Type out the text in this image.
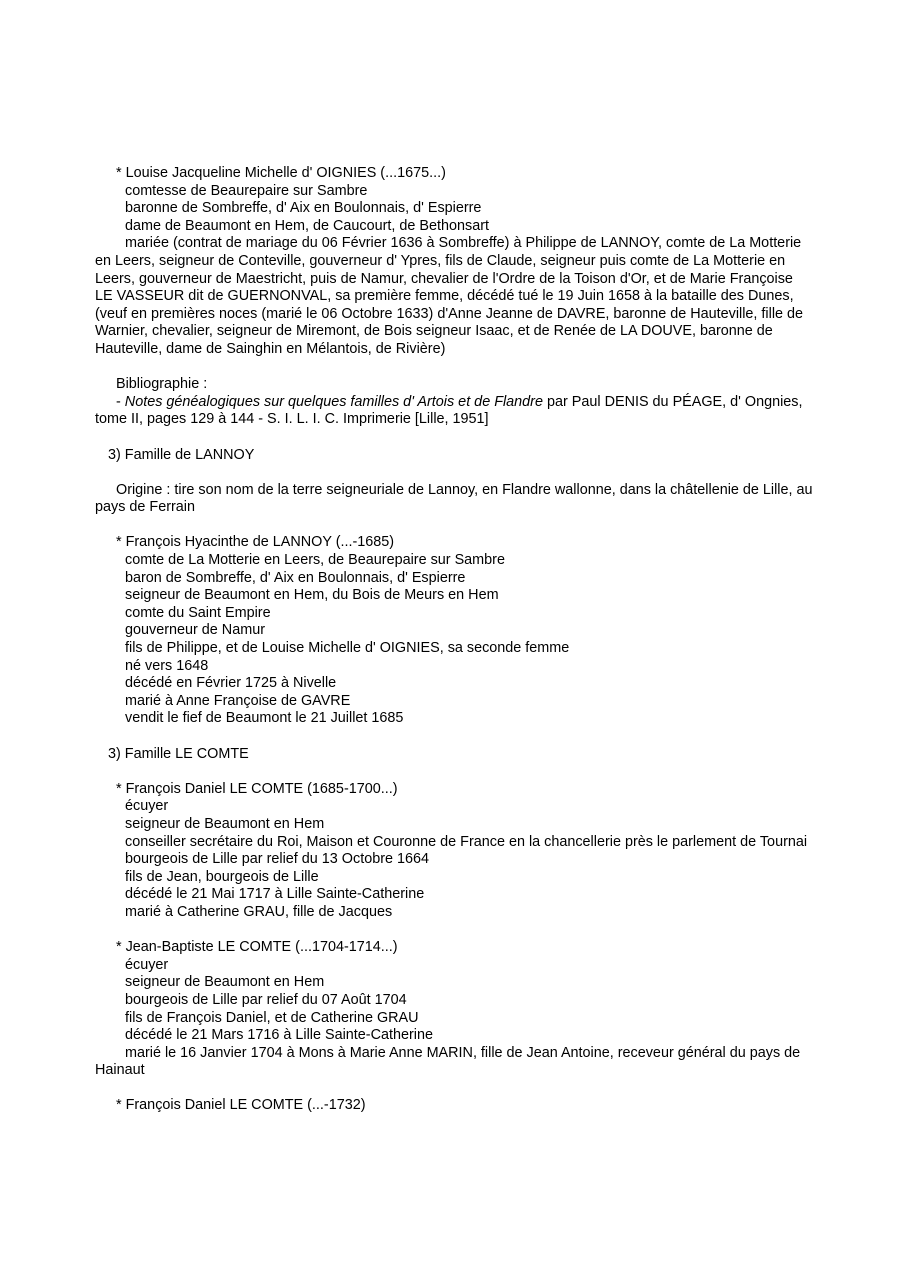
* Louise Jacqueline Michelle d' OIGNIES (...1675...)
comtesse de Beaurepaire sur Sambre
baronne de Sombreffe, d' Aix en Boulonnais, d' Espierre
dame de Beaumont en Hem, de Caucourt, de Bethonsart
mariée (contrat de mariage du 06 Février 1636 à Sombreffe) à Philippe de LANNOY, comte de La Motterie en Leers, seigneur de Conteville, gouverneur d' Ypres, fils de Claude, seigneur puis comte de La Motterie en Leers, gouverneur de Maestricht, puis de Namur, chevalier de l'Ordre de la Toison d'Or, et de Marie Françoise LE VASSEUR dit de GUERNONVAL, sa première femme, décédé tué le 19 Juin 1658 à la bataille des Dunes, (veuf en premières noces (marié le 06 Octobre 1633) d'Anne Jeanne de DAVRE, baronne de Hauteville, fille de Warnier, chevalier, seigneur de Miremont, de Bois seigneur Isaac, et de Renée de LA DOUVE, baronne de Hauteville, dame de Sainghin en Mélantois, de Rivière)
Bibliographie :
- Notes généalogiques sur quelques familles d' Artois et de Flandre par Paul DENIS du PÉAGE, d' Ongnies, tome II, pages 129 à 144 - S. I. L. I. C. Imprimerie [Lille, 1951]
3) Famille de LANNOY
Origine : tire son nom de la terre seigneuriale de Lannoy, en Flandre wallonne, dans la châtellenie de Lille, au pays de Ferrain
* François Hyacinthe de LANNOY (...-1685)
comte de La Motterie en Leers, de Beaurepaire sur Sambre
baron de Sombreffe, d' Aix en Boulonnais, d' Espierre
seigneur de Beaumont en Hem, du Bois de Meurs en Hem
comte du Saint Empire
gouverneur de Namur
fils de Philippe, et de Louise Michelle d' OIGNIES, sa seconde femme
né vers 1648
décédé en Février 1725 à Nivelle
marié à Anne Françoise de GAVRE
vendit le fief de Beaumont le 21 Juillet 1685
3) Famille LE COMTE
* François Daniel LE COMTE (1685-1700...)
écuyer
seigneur de Beaumont en Hem
conseiller secrétaire du Roi, Maison et Couronne de France en la chancellerie près le parlement de Tournai
bourgeois de Lille par relief du 13 Octobre 1664
fils de Jean, bourgeois de Lille
décédé le 21 Mai 1717 à Lille Sainte-Catherine
marié à Catherine GRAU, fille de Jacques
* Jean-Baptiste LE COMTE (...1704-1714...)
écuyer
seigneur de Beaumont en Hem
bourgeois de Lille par relief du 07 Août 1704
fils de François Daniel, et de Catherine GRAU
décédé le 21 Mars 1716 à Lille Sainte-Catherine
marié le 16 Janvier 1704 à Mons à Marie Anne MARIN, fille de Jean Antoine, receveur général du pays de Hainaut
* François Daniel LE COMTE (...-1732)
